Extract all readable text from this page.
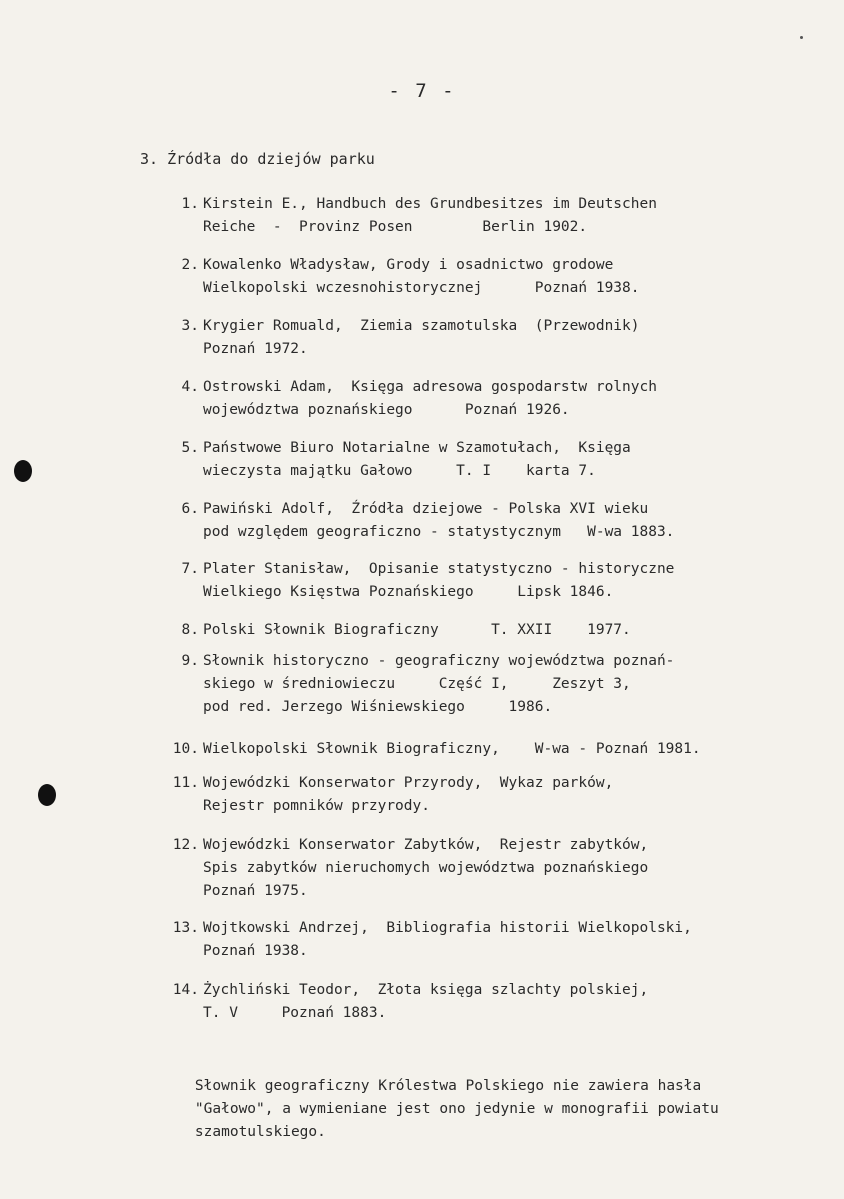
- 7 -
3. Źródła do dziejów parku
1. Kirstein E., Handbuch des Grundbesitzes im Deutschen
Reiche  -  Provinz Posen        Berlin 1902.
2. Kowalenko Władysław, Grody i osadnictwo grodowe
Wielkopolski wczesnohistorycznej      Poznań 1938.
3. Krygier Romuald,  Ziemia szamotulska  (Przewodnik)
Poznań 1972.
4. Ostrowski Adam,  Księga adresowa gospodarstw rolnych
województwa poznańskiego      Poznań 1926.
5. Państwowe Biuro Notarialne w Szamotułach,  Księga
wieczysta majątku Gałowo     T. I    karta 7.
6. Pawiński Adolf,  Źródła dziejowe - Polska XVI wieku
pod względem geograficzno - statystycznym   W-wa 1883.
7. Plater Stanisław,  Opisanie statystyczno - historyczne
Wielkiego Księstwa Poznańskiego     Lipsk 1846.
8. Polski Słownik Biograficzny      T. XXII    1977.
9. Słownik historyczno - geograficzny województwa poznań-
skiego w średniowieczu     Część I,     Zeszyt 3,
pod red. Jerzego Wiśniewskiego     1986.
10. Wielkopolski Słownik Biograficzny,    W-wa - Poznań 1981.
11. Wojewódzki Konserwator Przyrody,  Wykaz parków,
Rejestr pomników przyrody.
12. Wojewódzki Konserwator Zabytków,  Rejestr zabytków,
Spis zabytków nieruchomych województwa poznańskiego
Poznań 1975.
13. Wojtkowski Andrzej,  Bibliografia historii Wielkopolski,
Poznań 1938.
14. Żychliński Teodor,  Złota księga szlachty polskiej,
T. V     Poznań 1883.

Słownik geograficzny Królestwa Polskiego nie zawiera hasła
"Gałowo", a wymieniane jest ono jedynie w monografii powiatu
szamotulskiego.
